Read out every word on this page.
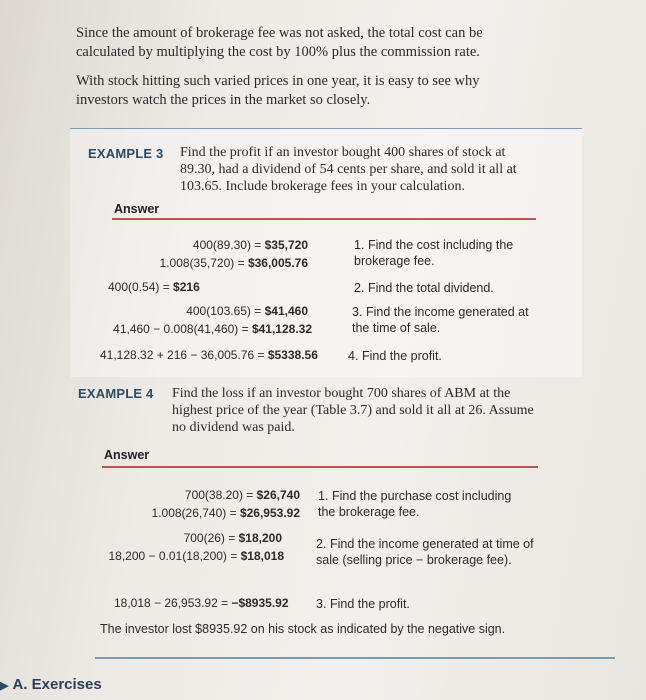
Since the amount of brokerage fee was not asked, the total cost can be calculated by multiplying the cost by 100% plus the commission rate.

With stock hitting such varied prices in one year, it is easy to see why investors watch the prices in the market so closely.

EXAMPLE 3 Find the profit if an investor bought 400 shares of stock at 89.30, had a dividend of 54 cents per share, and sold it all at 103.65. Include brokerage fees in your calculation.
Answer
400(89.30) = $35,720
1.008(35,720) = $36,005.76
400(0.54) = $216
400(103.65) = $41,460
41,460 − 0.008(41,460) = $41,128.32
41,128.32 + 216 − 36,005.76 = $5338.56
1. Find the cost including the brokerage fee.
2. Find the total dividend.
3. Find the income generated at the time of sale.
4. Find the profit.
EXAMPLE 4 Find the loss if an investor bought 700 shares of ABM at the highest price of the year (Table 3.7) and sold it all at 26. Assume no dividend was paid.
Answer
700(38.20) = $26,740
1.008(26,740) = $26,953.92
700(26) = $18,200
18,200 − 0.01(18,200) = $18,018
18,018 − 26,953.92 = −$8935.92
1. Find the purchase cost including the brokerage fee.
2. Find the income generated at time of sale (selling price − brokerage fee).
3. Find the profit.
The investor lost $8935.92 on his stock as indicated by the negative sign.
▶ A. Exercises
